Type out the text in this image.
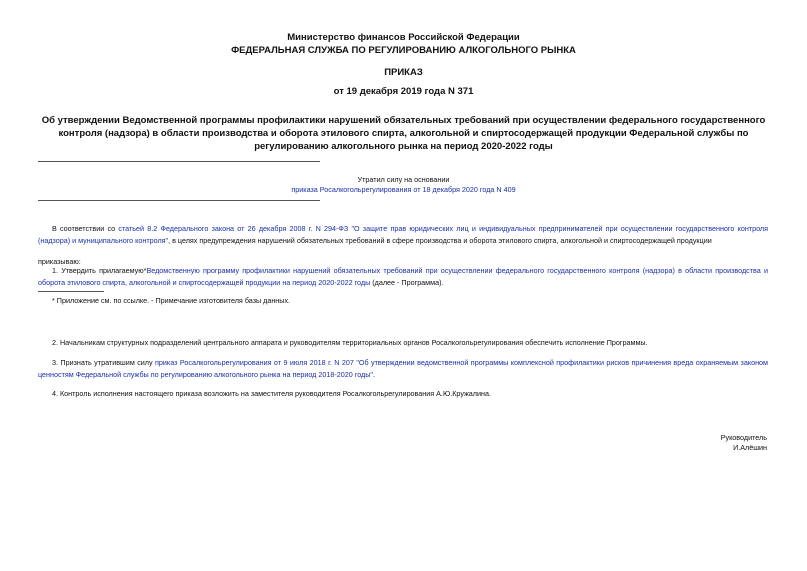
Министерство финансов Российской Федерации
ФЕДЕРАЛЬНАЯ СЛУЖБА ПО РЕГУЛИРОВАНИЮ АЛКОГОЛЬНОГО РЫНКА
ПРИКАЗ
от 19 декабря 2019 года N 371
Об утверждении Ведомственной программы профилактики нарушений обязательных требований при осуществлении федерального государственного контроля (надзора) в области производства и оборота этилового спирта, алкогольной и спиртосодержащей продукции Федеральной службы по регулированию алкогольного рынка на период 2020-2022 годы
Утратил силу на основании
приказа Росалкогольрегулирования от 18 декабря 2020 года N 409
В соответствии со статьей 8.2 Федерального закона от 26 декабря 2008 г. N 294-ФЗ "О защите прав юридических лиц и индивидуальных предпринимателей при осуществлении государственного контроля (надзора) и муниципального контроля", в целях предупреждения нарушений обязательных требований в сфере производства и оборота этилового спирта, алкогольной и спиртосодержащей продукции
приказываю:
1. Утвердить прилагаемую*Ведомственную программу профилактики нарушений обязательных требований при осуществлении федерального государственного контроля (надзора) в области производства и оборота этилового спирта, алкогольной и спиртосодержащей продукции на период 2020-2022 годы (далее - Программа).
* Приложение см. по ссылке. - Примечание изготовителя базы данных.
2. Начальникам структурных подразделений центрального аппарата и руководителям территориальных органов Росалкогольрегулирования обеспечить исполнение Программы.
3. Признать утратившим силу приказ Росалкогольрегулирования от 9 июля 2018 г. N 207 "Об утверждении ведомственной программы комплексной профилактики рисков причинения вреда охраняемым законом ценностям Федеральной службы по регулированию алкогольного рынка на период 2018-2020 годы".
4. Контроль исполнения настоящего приказа возложить на заместителя руководителя Росалкогольрегулирования А.Ю.Кружалина.
Руководитель
И.Алёшин
